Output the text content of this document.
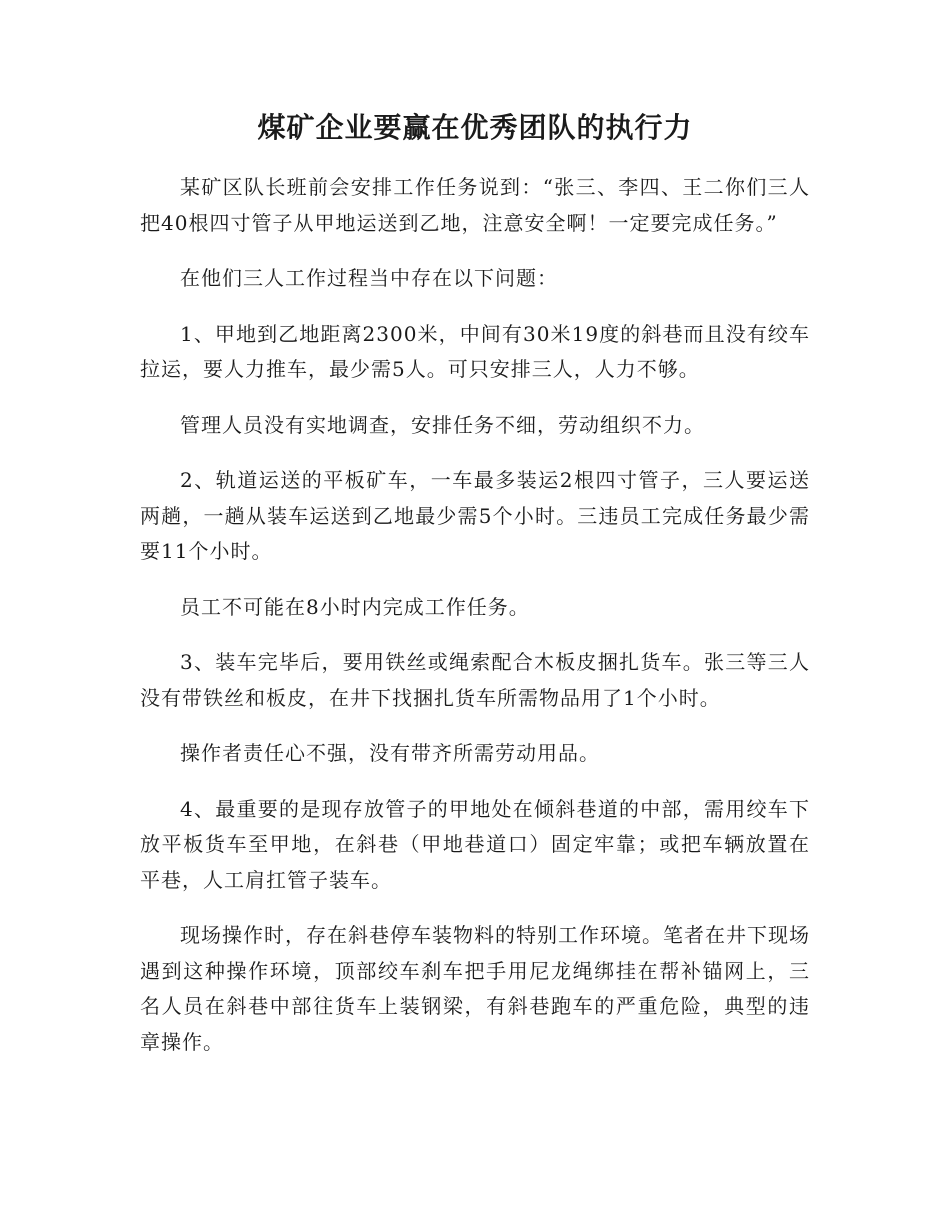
煤矿企业要赢在优秀团队的执行力

某矿区队长班前会安排工作任务说到：“张三、李四、王二你们三人把40根四寸管子从甲地运送到乙地，注意安全啊！一定要完成任务。”

在他们三人工作过程当中存在以下问题：

1、甲地到乙地距离2300米，中间有30米19度的斜巷而且没有绞车拉运，要人力推车，最少需5人。可只安排三人，人力不够。

管理人员没有实地调查，安排任务不细，劳动组织不力。

2、轨道运送的平板矿车，一车最多装运2根四寸管子，三人要运送两趟，一趟从装车运送到乙地最少需5个小时。三违员工完成任务最少需要11个小时。

员工不可能在8小时内完成工作任务。

3、装车完毕后，要用铁丝或绳索配合木板皮捆扎货车。张三等三人没有带铁丝和板皮，在井下找捆扎货车所需物品用了1个小时。

操作者责任心不强，没有带齐所需劳动用品。

4、最重要的是现存放管子的甲地处在倾斜巷道的中部，需用绞车下放平板货车至甲地，在斜巷（甲地巷道口）固定牢靠；或把车辆放置在平巷，人工肩扛管子装车。

现场操作时，存在斜巷停车装物料的特别工作环境。笔者在井下现场遇到这种操作环境，顶部绞车刹车把手用尼龙绳绑挂在帮补锚网上，三名人员在斜巷中部往货车上装钢梁，有斜巷跑车的严重危险，典型的违章操作。
